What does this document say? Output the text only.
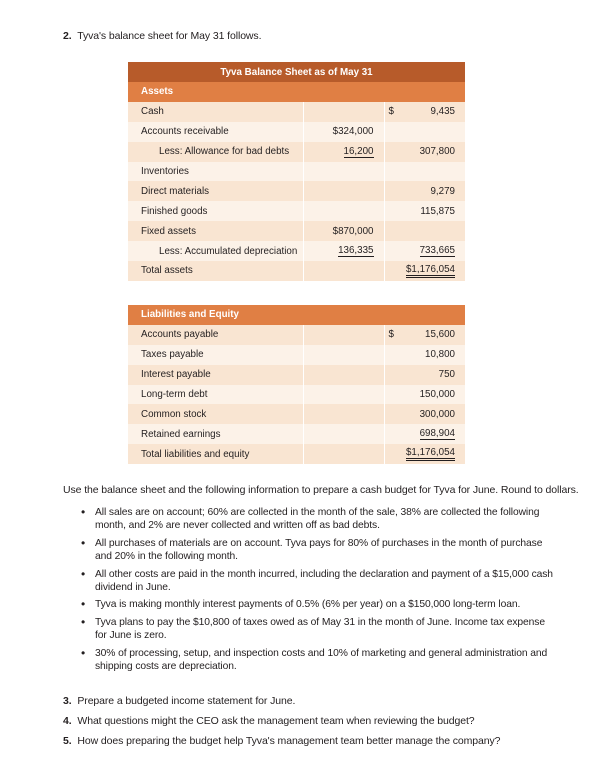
2. Tyva's balance sheet for May 31 follows.
Tyva Balance Sheet as of May 31		
Assets		
Cash		$ 9,435
Accounts receivable	$324,000	
Less: Allowance for bad debts	16,200	307,800
Inventories		
Direct materials		9,279
Finished goods		115,875
Fixed assets	$870,000	
Less: Accumulated depreciation	136,335	733,665
Total assets		$1,176,054
Liabilities and Equity		
Accounts payable		$ 15,600
Taxes payable		10,800
Interest payable		750
Long-term debt		150,000
Common stock		300,000
Retained earnings		698,904
Total liabilities and equity		$1,176,054
Use the balance sheet and the following information to prepare a cash budget for Tyva for June. Round to dollars.
• All sales are on account; 60% are collected in the month of the sale, 38% are collected the following month, and 2% are never collected and written off as bad debts.
• All purchases of materials are on account. Tyva pays for 80% of purchases in the month of purchase and 20% in the following month.
• All other costs are paid in the month incurred, including the declaration and payment of a $15,000 cash dividend in June.
• Tyva is making monthly interest payments of 0.5% (6% per year) on a $150,000 long-term loan.
• Tyva plans to pay the $10,800 of taxes owed as of May 31 in the month of June. Income tax expense for June is zero.
• 30% of processing, setup, and inspection costs and 10% of marketing and general administration and shipping costs are depreciation.
3. Prepare a budgeted income statement for June.
4. What questions might the CEO ask the management team when reviewing the budget?
5. How does preparing the budget help Tyva's management team better manage the company?
